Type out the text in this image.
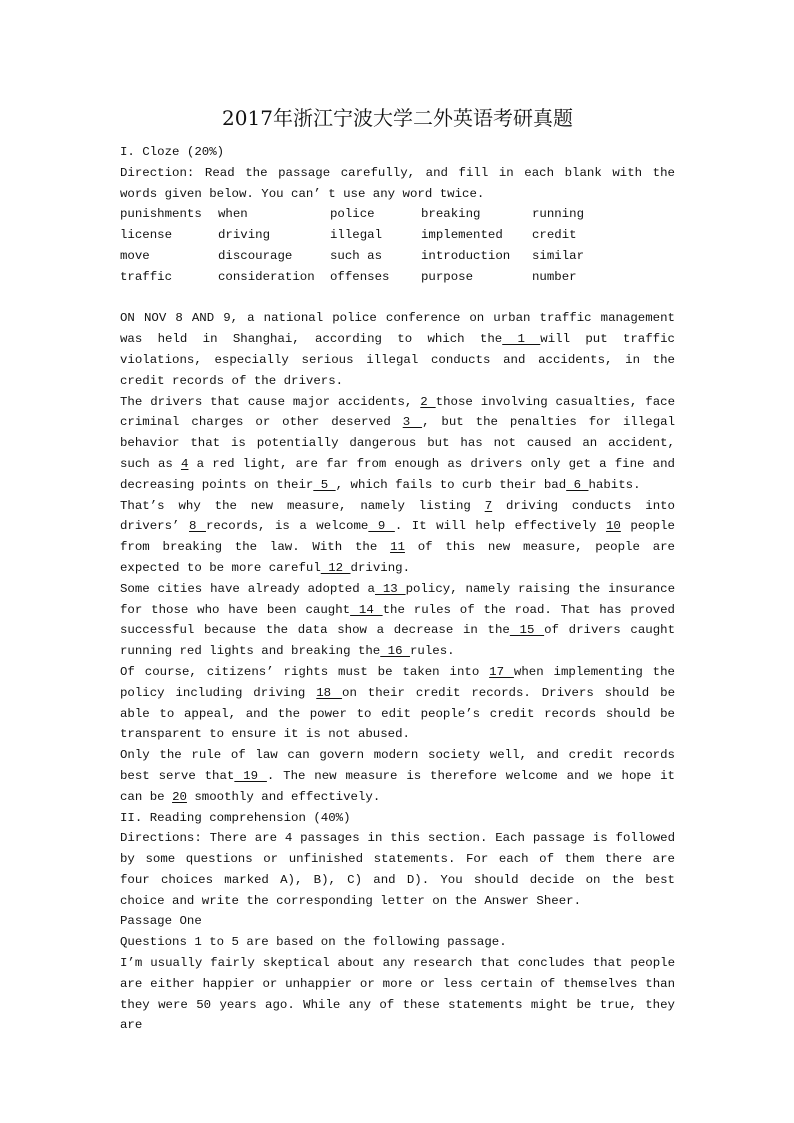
2017年浙江宁波大学二外英语考研真题
I. Cloze (20%)

Direction: Read the passage carefully, and fill in each blank with the words given below. You can’ t use any word twice.

punishments	when	police	breaking	running
license	driving	illegal	implemented	credit
move	discourage	such as	introduction	similar
traffic	consideration	offenses	purpose	number

ON NOV 8 AND 9, a national police conference on urban traffic management was held in Shanghai, according to which the 1 will put traffic violations, especially serious illegal conducts and accidents, in the credit records of the drivers.

The drivers that cause major accidents, 2 those involving casualties, face criminal charges or other deserved 3 , but the penalties for illegal behavior that is potentially dangerous but has not caused an accident, such as 4 a red light, are far from enough as drivers only get a fine and decreasing points on their 5 , which fails to curb their bad 6 habits.

That’s why the new measure, namely listing 7 driving conducts into drivers’ 8 records, is a welcome 9 . It will help effectively 10 people from breaking the law. With the 11 of this new measure, people are expected to be more careful 12 driving.

Some cities have already adopted a 13 policy, namely raising the insurance for those who have been caught 14 the rules of the road. That has proved successful because the data show a decrease in the 15 of drivers caught running red lights and breaking the 16 rules.

Of course, citizens’ rights must be taken into 17 when implementing the policy including driving 18 on their credit records. Drivers should be able to appeal, and the power to edit people’s credit records should be transparent to ensure it is not abused.

Only the rule of law can govern modern society well, and credit records best serve that 19 . The new measure is therefore welcome and we hope it can be 20 smoothly and effectively.

II. Reading comprehension (40%)

Directions: There are 4 passages in this section. Each passage is followed by some questions or unfinished statements. For each of them there are four choices marked A), B), C) and D). You should decide on the best choice and write the corresponding letter on the Answer Sheer.

Passage One
Questions 1 to 5 are based on the following passage.

I’m usually fairly skeptical about any research that concludes that people are either happier or unhappier or more or less certain of themselves than they were 50 years ago. While any of these statements might be true, they are
